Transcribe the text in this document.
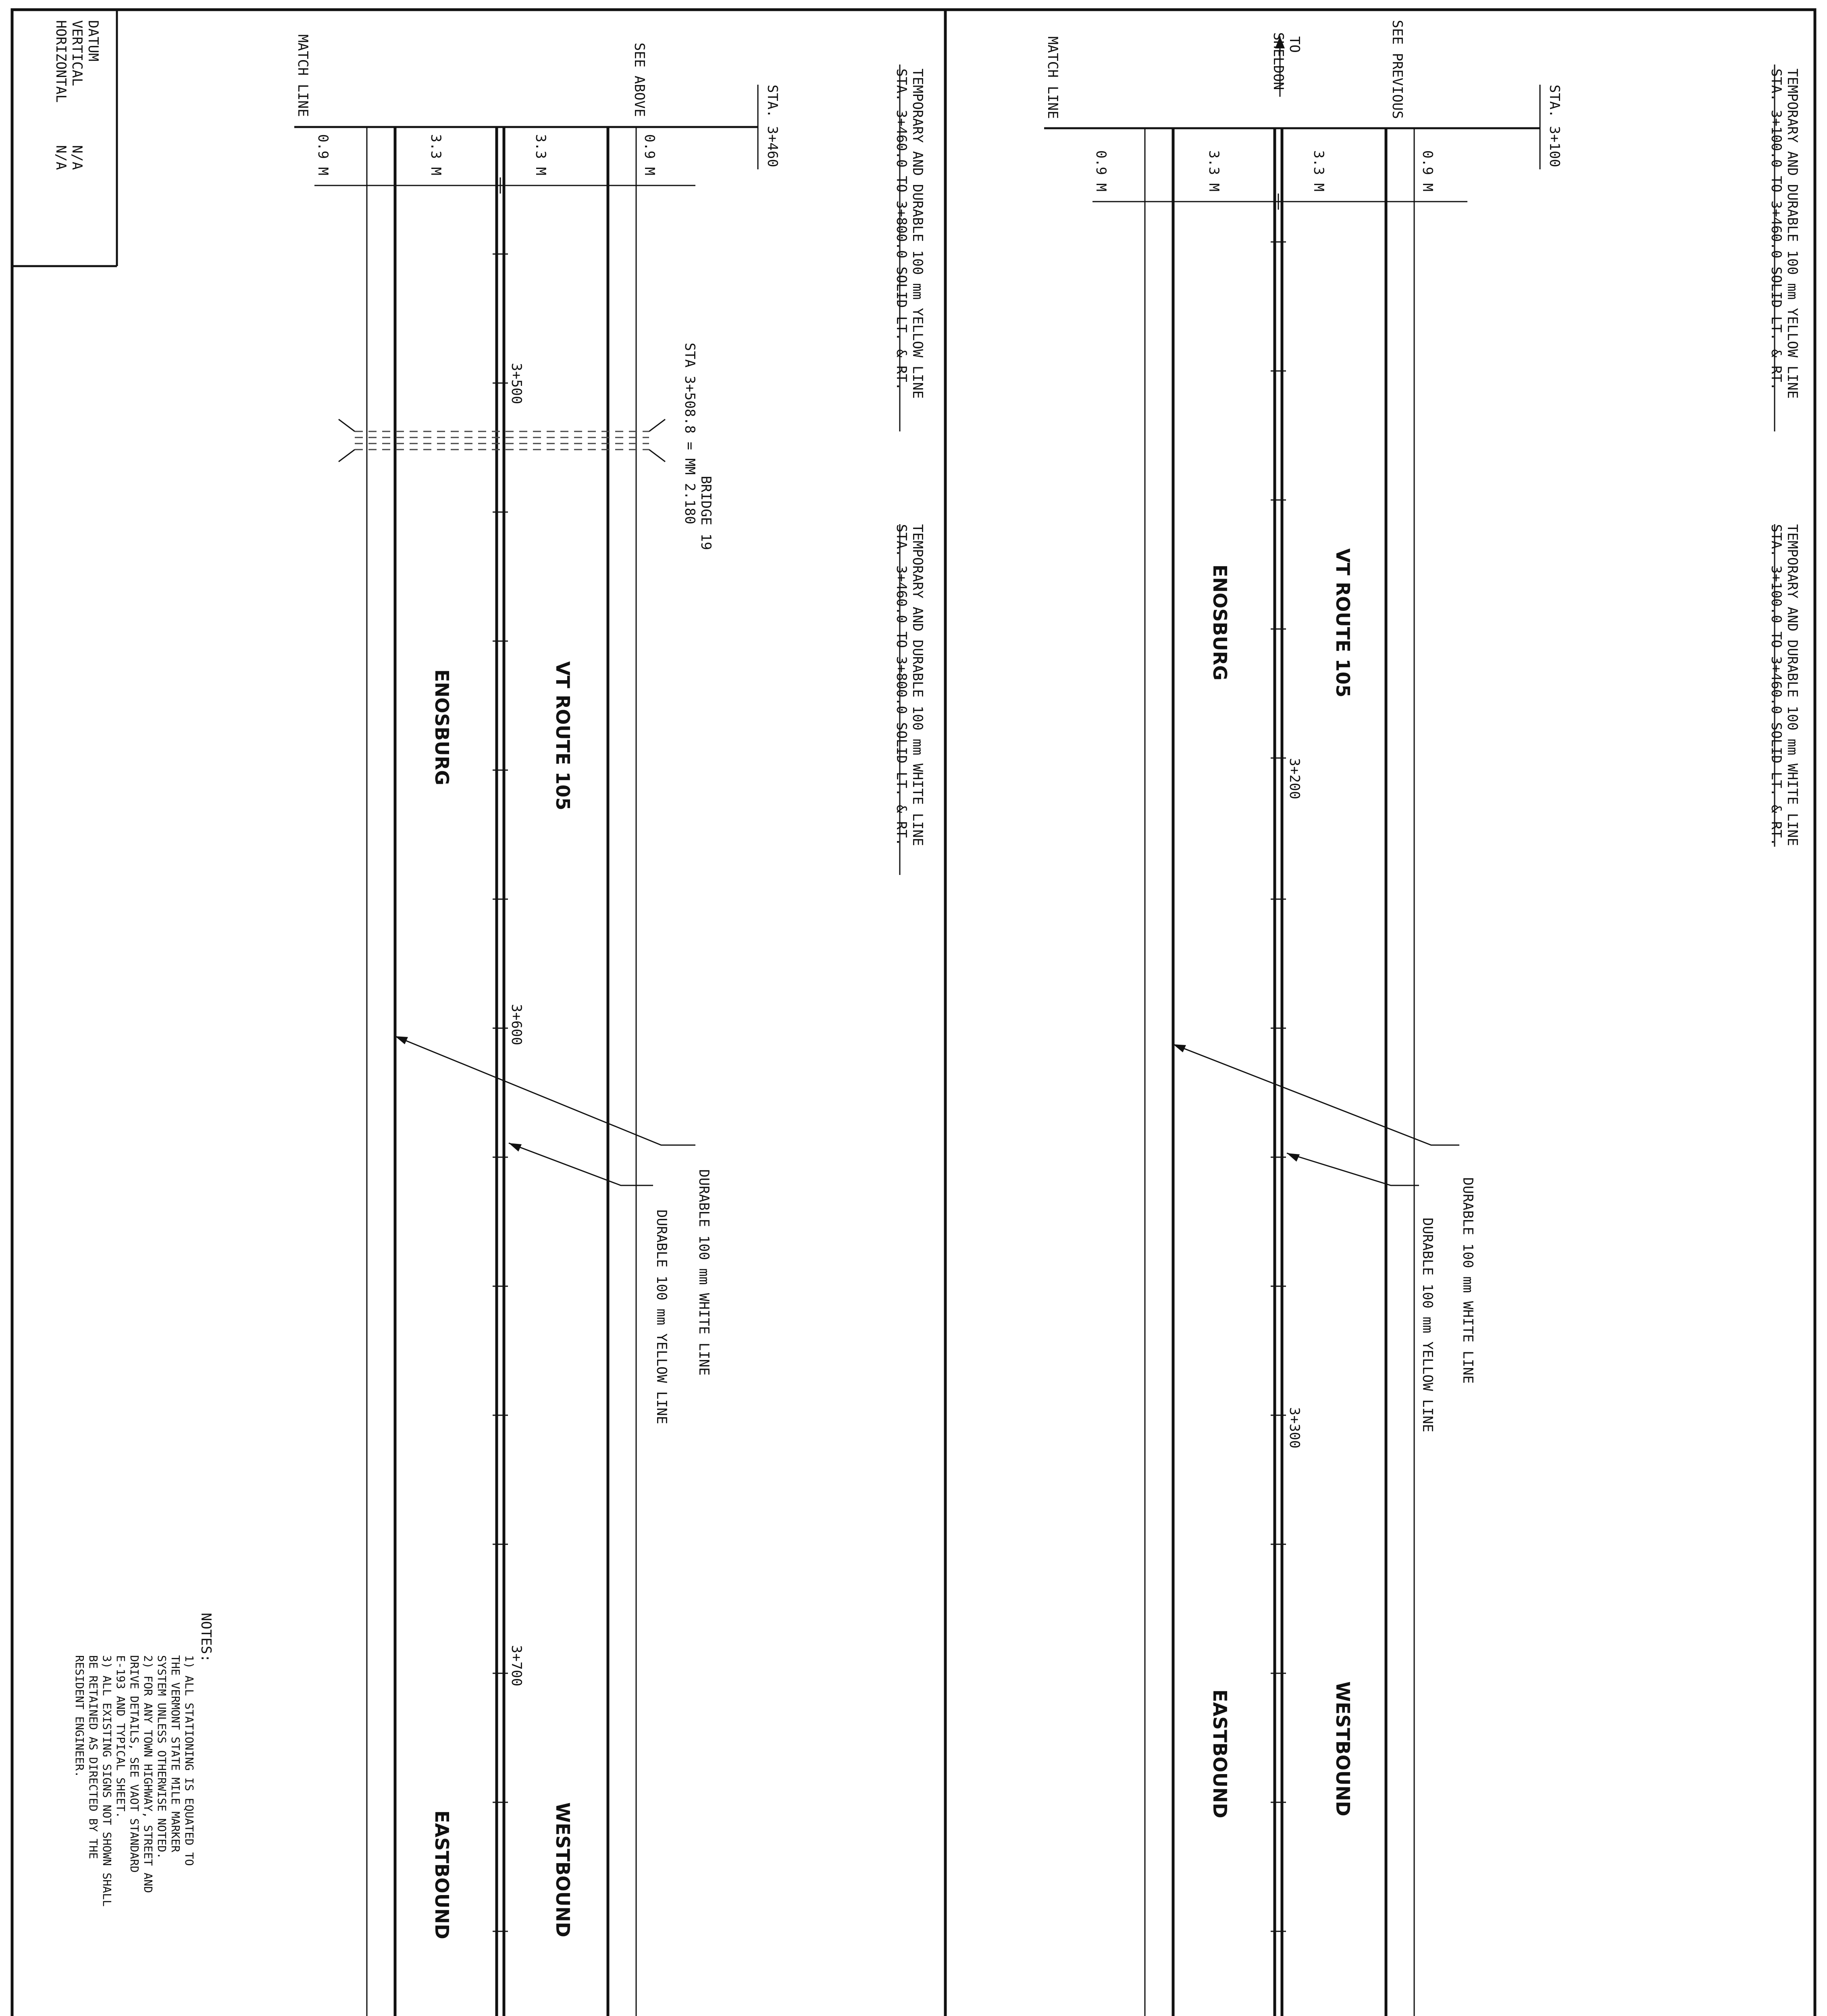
DATUM
VERTICAL
N/A
HORIZONTAL
N/A
NOTES:
1) ALL STATIONING IS EQUATED TO
THE VERMONT STATE MILE MARKER
SYSTEM UNLESS OTHERWISE NOTED.
2) FOR ANY TOWN HIGHWAY, STREET AND
DRIVE DETAILS, SEE VAOT STANDARD
E-193 AND TYPICAL SHEET.
3) ALL EXISTING SIGNS NOT SHOWN SHALL
BE RETAINED AS DIRECTED BY THE
RESIDENT ENGINEER.
STA. 3+460
MATCH LINE	SEE ABOVE
0.9 M	3.3 M	3.3 M	0.9 M
3+500
3+600
3+700
VT ROUTE 105
ENOSBURG
WESTBOUND
EASTBOUND
BRIDGE 19
STA 3+508.8 = MM 2.180
TEMPORARY AND DURABLE 100 mm YELLOW LINE
STA. 3+460.0 TO 3+800.0 SOLID LT. & RT.
TEMPORARY AND DURABLE 100 mm WHITE LINE
STA. 3+460.0 TO 3+800.0 SOLID LT. & RT.
DURABLE 100 mm WHITE LINE
DURABLE 100 mm YELLOW LINE
STA. 3+100
MATCH LINE	SEE PREVIOUS
TO
SHELDON
0.9 M	3.3 M	3.3 M	0.9 M
3+200
3+300
VT ROUTE 105
ENOSBURG
WESTBOUND
EASTBOUND
TEMPORARY AND DURABLE 100 mm YELLOW LINE
STA. 3+100.0 TO 3+460.0 SOLID LT. & RT.
TEMPORARY AND DURABLE 100 mm WHITE LINE
STA. 3+100.0 TO 3+460.0 SOLID LT. & RT.
DURABLE 100 mm WHITE LINE
DURABLE 100 mm YELLOW LINE
